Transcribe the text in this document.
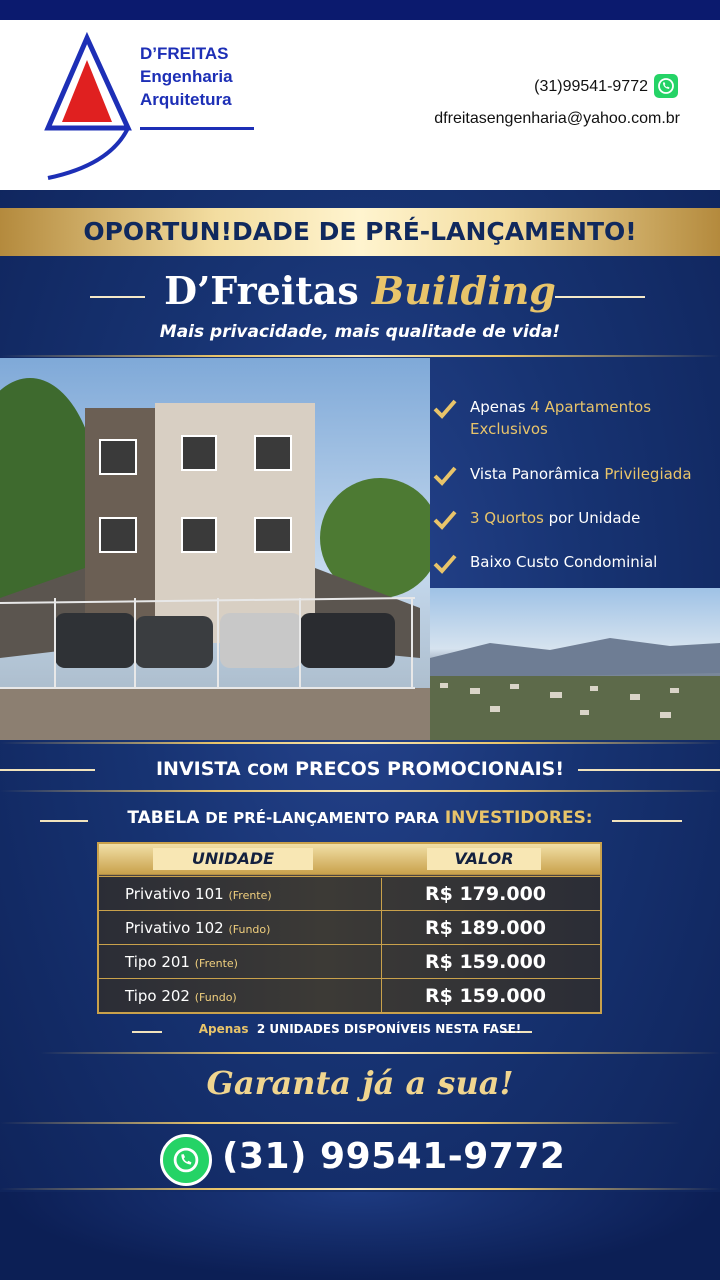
D’FREITAS
Engenharia
Arquitetura
(31)99541-9772
dfreitasengenharia@yahoo.com.br
OPORTUN!DADE DE PRÉ-LANÇAMENTO!
D’Freitas Building
Mais privacidade, mais qualitade de vida!
Apenas 4 Apartamentos Exclusivos
Vista Panorâmica Privilegiada
3 Quortos por Unidade
Baixo Custo Condominial
INVISTA COM PRECOS PROMOCIONAIS!
TABELA DE PRÉ-LANÇAMENTO PARA INVESTIDORES:
UNIDADE	VALOR
Privativo 101 (Frente)	R$ 179.000
Privativo 102 (Fundo)	R$ 189.000
Tipo 201 (Frente)	R$ 159.000
Tipo 202 (Fundo)	R$ 159.000
Apenas 2 UNIDADES DISPONÍVEIS NESTA FASE!
Garanta já a sua!
(31) 99541-9772
